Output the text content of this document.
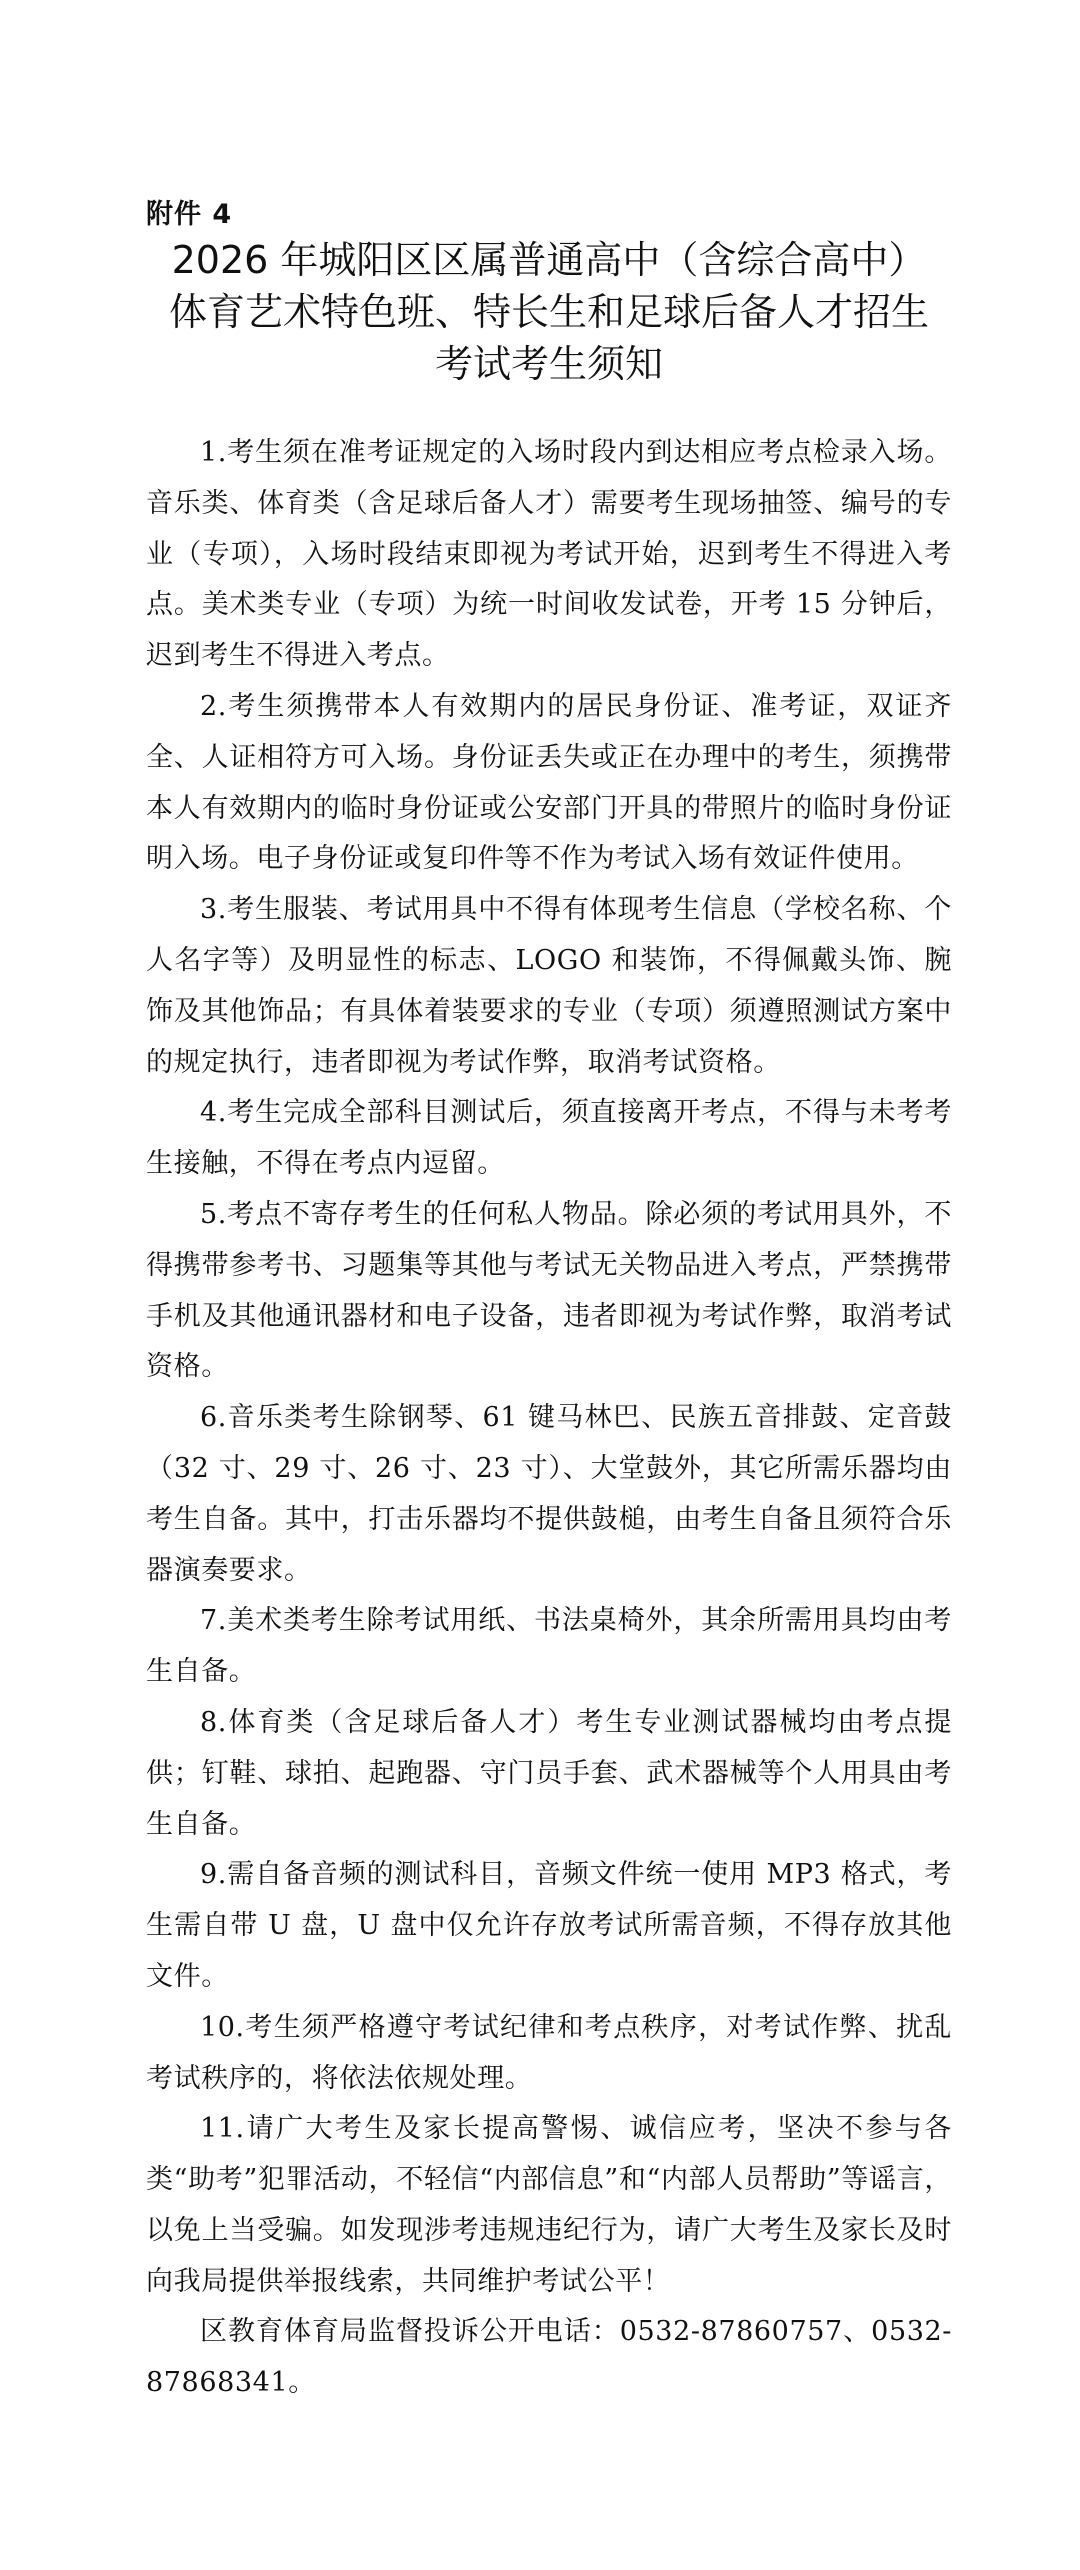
附件 4
2026 年城阳区区属普通高中（含综合高中）
体育艺术特色班、特长生和足球后备人才招生
考试考生须知

1.考生须在准考证规定的入场时段内到达相应考点检录入场。音乐类、体育类（含足球后备人才）需要考生现场抽签、编号的专业（专项），入场时段结束即视为考试开始，迟到考生不得进入考点。美术类专业（专项）为统一时间收发试卷，开考 15 分钟后，迟到考生不得进入考点。

2.考生须携带本人有效期内的居民身份证、准考证，双证齐全、人证相符方可入场。身份证丢失或正在办理中的考生，须携带本人有效期内的临时身份证或公安部门开具的带照片的临时身份证明入场。电子身份证或复印件等不作为考试入场有效证件使用。

3.考生服装、考试用具中不得有体现考生信息（学校名称、个人名字等）及明显性的标志、LOGO 和装饰，不得佩戴头饰、腕饰及其他饰品；有具体着装要求的专业（专项）须遵照测试方案中的规定执行，违者即视为考试作弊，取消考试资格。

4.考生完成全部科目测试后，须直接离开考点，不得与未考考生接触，不得在考点内逗留。

5.考点不寄存考生的任何私人物品。除必须的考试用具外，不得携带参考书、习题集等其他与考试无关物品进入考点，严禁携带手机及其他通讯器材和电子设备，违者即视为考试作弊，取消考试资格。

6.音乐类考生除钢琴、61 键马林巴、民族五音排鼓、定音鼓（32 寸、29 寸、26 寸、23 寸）、大堂鼓外，其它所需乐器均由考生自备。其中，打击乐器均不提供鼓槌，由考生自备且须符合乐器演奏要求。

7.美术类考生除考试用纸、书法桌椅外，其余所需用具均由考生自备。

8.体育类（含足球后备人才）考生专业测试器械均由考点提供；钉鞋、球拍、起跑器、守门员手套、武术器械等个人用具由考生自备。

9.需自备音频的测试科目，音频文件统一使用 MP3 格式，考生需自带 U 盘，U 盘中仅允许存放考试所需音频，不得存放其他文件。

10.考生须严格遵守考试纪律和考点秩序，对考试作弊、扰乱考试秩序的，将依法依规处理。

11.请广大考生及家长提高警惕、诚信应考，坚决不参与各类“助考”犯罪活动，不轻信“内部信息”和“内部人员帮助”等谣言，以免上当受骗。如发现涉考违规违纪行为，请广大考生及家长及时向我局提供举报线索，共同维护考试公平！

区教育体育局监督投诉公开电话：0532-87860757、0532-87868341。
